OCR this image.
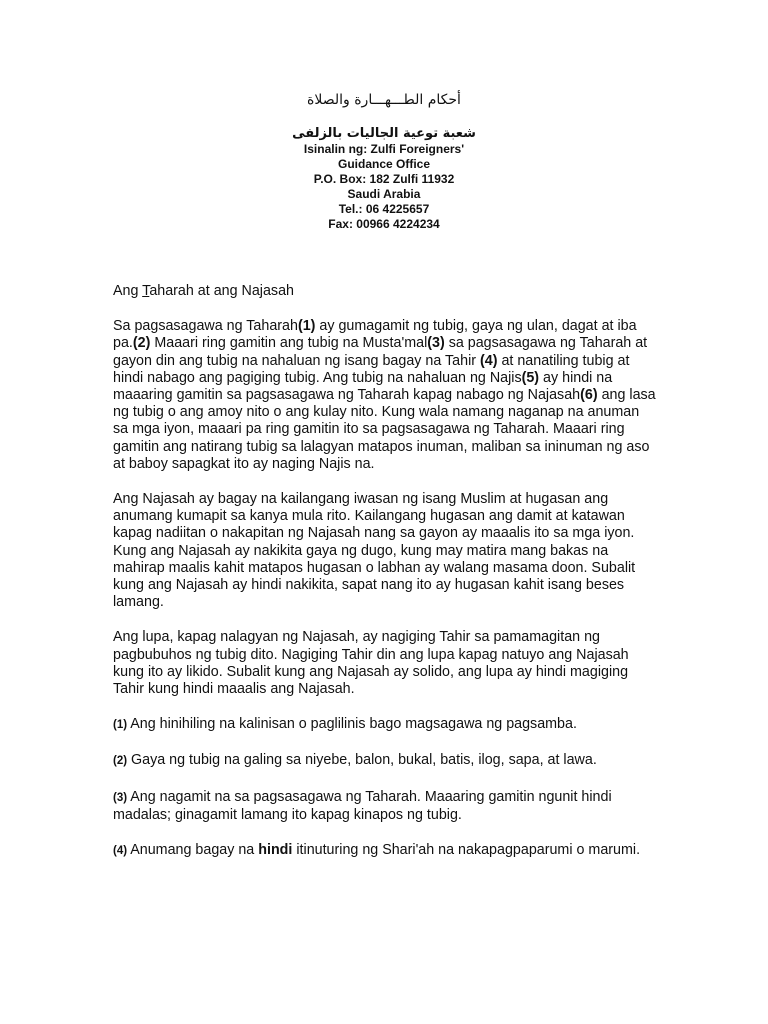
أحكام الطـــهـــارة والصلاة
شعبة توعية الجاليات بالزلفى
Isinalin ng: Zulfi Foreigners'
Guidance Office
P.O. Box: 182 Zulfi 11932
Saudi Arabia
Tel.: 06 4225657
Fax: 00966 4224234
Ang Taharah at ang Najasah

Sa pagsasagawa ng Taharah(1) ay gumagamit ng tubig, gaya ng ulan, dagat at iba pa.(2) Maaari ring gamitin ang tubig na Musta'mal(3) sa pagsasagawa ng Taharah at gayon din ang tubig na nahaluan ng isang bagay na Tahir (4) at nanatiling tubig at hindi nabago ang pagiging tubig. Ang tubig na nahaluan ng Najis(5) ay hindi na maaaring gamitin sa pagsasagawa ng Taharah kapag nabago ng Najasah(6) ang lasa ng tubig o ang amoy nito o ang kulay nito. Kung wala namang naganap na anuman sa mga iyon, maaari pa ring gamitin ito sa pagsasagawa ng Taharah. Maaari ring gamitin ang natirang tubig sa lalagyan matapos inuman, maliban sa ininuman ng aso at baboy sapagkat ito ay naging Najis na.

Ang Najasah ay bagay na kailangang iwasan ng isang Muslim at hugasan ang anumang kumapit sa kanya mula rito. Kailangang hugasan ang damit at katawan kapag nadiitan o nakapitan ng Najasah nang sa gayon ay maaalis ito sa mga iyon. Kung ang Najasah ay nakikita gaya ng dugo, kung may matira mang bakas na mahirap maalis kahit matapos hugasan o labhan ay walang masama doon. Subalit kung ang Najasah ay hindi nakikita, sapat nang ito ay hugasan kahit isang beses lamang.

Ang lupa, kapag nalagyan ng Najasah, ay nagiging Tahir sa pamamagitan ng pagbubuhos ng tubig dito. Nagiging Tahir din ang lupa kapag natuyo ang Najasah kung ito ay likido. Subalit kung ang Najasah ay solido, ang lupa ay hindi magiging Tahir kung hindi maaalis ang Najasah.

(1) Ang hinihiling na kalinisan o paglilinis bago magsagawa ng pagsamba.

(2) Gaya ng tubig na galing sa niyebe, balon, bukal, batis, ilog, sapa, at lawa.

(3) Ang nagamit na sa pagsasagawa ng Taharah. Maaaring gamitin ngunit hindi madalas; ginagamit lamang ito kapag kinapos ng tubig.

(4) Anumang bagay na hindi itinuturing ng Shari'ah na nakapagpaparumi o marumi.
